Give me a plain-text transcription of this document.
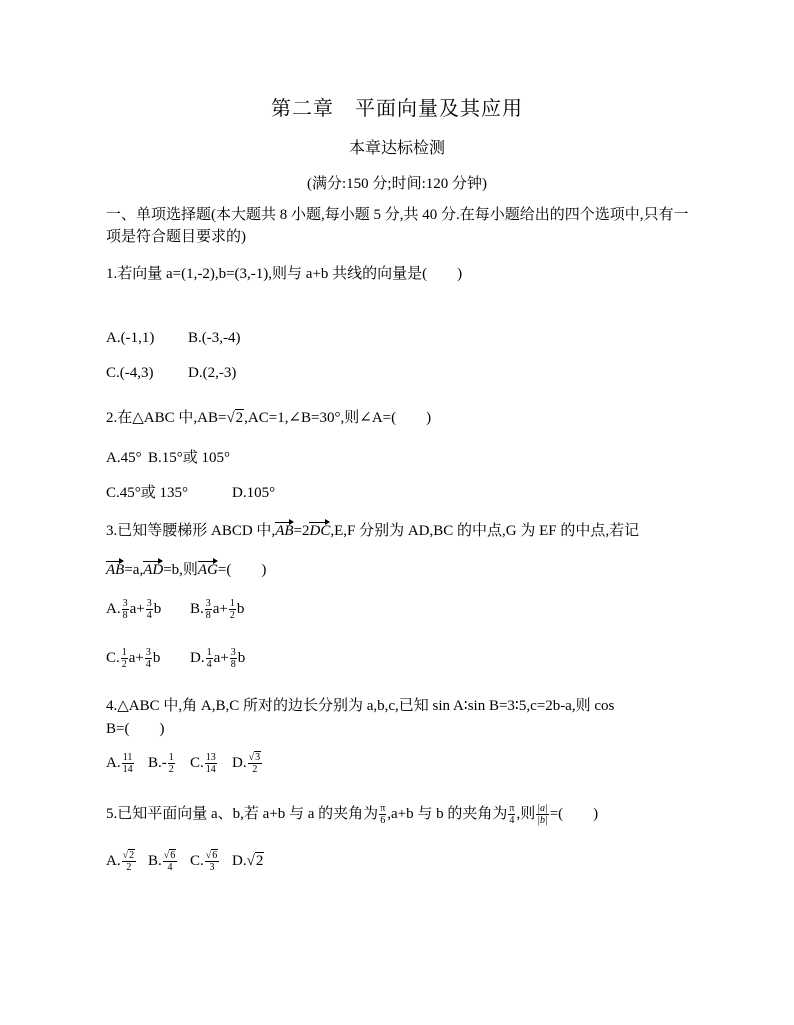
第二章　平面向量及其应用
本章达标检测
(满分:150 分;时间:120 分钟)
一、单项选择题(本大题共 8 小题,每小题 5 分,共 40 分.在每小题给出的四个选项中,只有一项是符合题目要求的)
1.若向量 a=(1,-2),b=(3,-1),则与 a+b 共线的向量是(　　)
A.(-1,1) B.(-3,-4)
C.(-4,3) D.(2,-3)
2.在△ABC 中,AB=√2,AC=1,∠B=30°,则∠A=(　　)
A.45° B.15°或 105°
C.45°或 135°	D.105°
3.已知等腰梯形 ABCD 中,AB=2DC,E,F 分别为 AD,BC 的中点,G 为 EF 的中点,若记
AB=a,AD=b,则AG=(　　)
A. $\frac{3}{8} a+ \frac{3}{4}$ b B. $\frac{3}{8} a+ \frac{1}{2}$ b
C. $\frac{1}{2} a+ \frac{3}{4}$ b D. $\frac{1}{4} a+ \frac{3}{8}$ b
4.△ABC 中,角 A,B,C 所对的边长分别为 a,b,c,已知 sin A∶sin B=3∶5,c=2b-a,则 cos
B=(　　)
A. $\frac{11}{14} B.- \frac{1}{2} C$. $\frac{13}{14} D$. $\frac{√3}{2}$
5.已知平面向量 a、b,若 a+b 与 a 的夹角为 $\frac{\pi}{6} ,a+b$ 与 b 的夹角为 $\frac{\pi}{4}$ ,则 $\frac{|a|}{|b|}$ =(　　)
A. $\frac{√2}{2} B$. $\frac{√6}{4} C$. $\frac{√6}{3} D.√2$
